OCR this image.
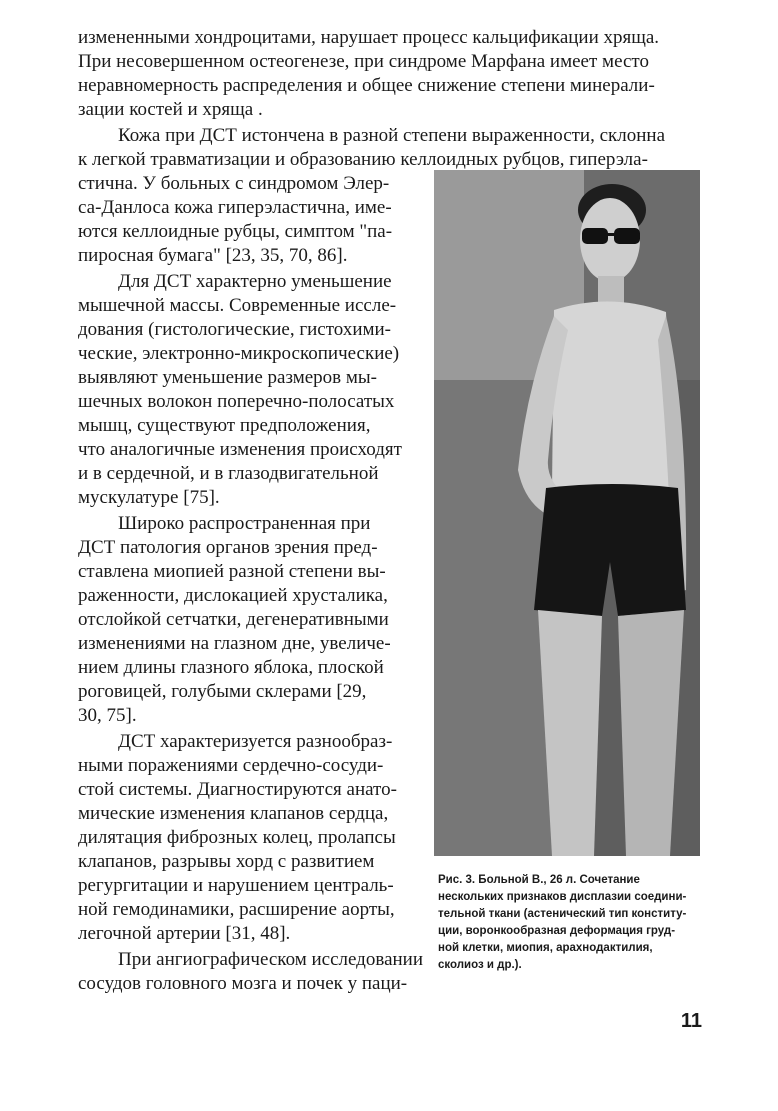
измененными хондроцитами, нарушает процесс кальцификации хряща.
При несовершенном остеогенезе, при синдроме Марфана имеет место
неравномерность распределения и общее снижение степени минерали-
зации костей и хряща .
Кожа при ДСТ истончена в разной степени выраженности, склонна
к легкой травматизации и образованию келлоидных рубцов, гиперэла-
стична. У больных с синдромом Элер-
са-Данлоса кожа гиперэластична, име-
ются келлоидные рубцы, симптом "па-
пиросная бумага" [23, 35, 70, 86].
Для ДСТ характерно уменьшение
мышечной массы. Современные иссле-
дования (гистологические, гистохими-
ческие, электронно-микроскопические)
выявляют уменьшение размеров мы-
шечных волокон поперечно-полосатых
мышц, существуют предположения,
что аналогичные изменения происходят
и в сердечной, и в глазодвигательной
мускулатуре [75].
Широко распространенная при
ДСТ патология органов зрения пред-
ставлена миопией разной степени вы-
раженности, дислокацией хрусталика,
отслойкой сетчатки, дегенеративными
изменениями на глазном дне, увеличе-
нием длины глазного яблока, плоской
роговицей, голубыми склерами [29,
30, 75].
ДСТ характеризуется разнообраз-
ными поражениями сердечно-сосуди-
стой системы. Диагностируются анато-
мические изменения клапанов сердца,
дилятация фиброзных колец, пролапсы
клапанов, разрывы хорд с развитием
регургитации и нарушением централь-
ной гемодинамики, расширение аорты,
легочной артерии [31, 48].
При ангиографическом исследовании
сосудов головного мозга и почек у паци-
Рис. 3. Больной В., 26 л. Сочетание
нескольких признаков дисплазии соедини-
тельной ткани (астенический тип конститу-
ции, воронкообразная деформация груд-
ной клетки, миопия, арахнодактилия,
сколиоз и др.).
11
